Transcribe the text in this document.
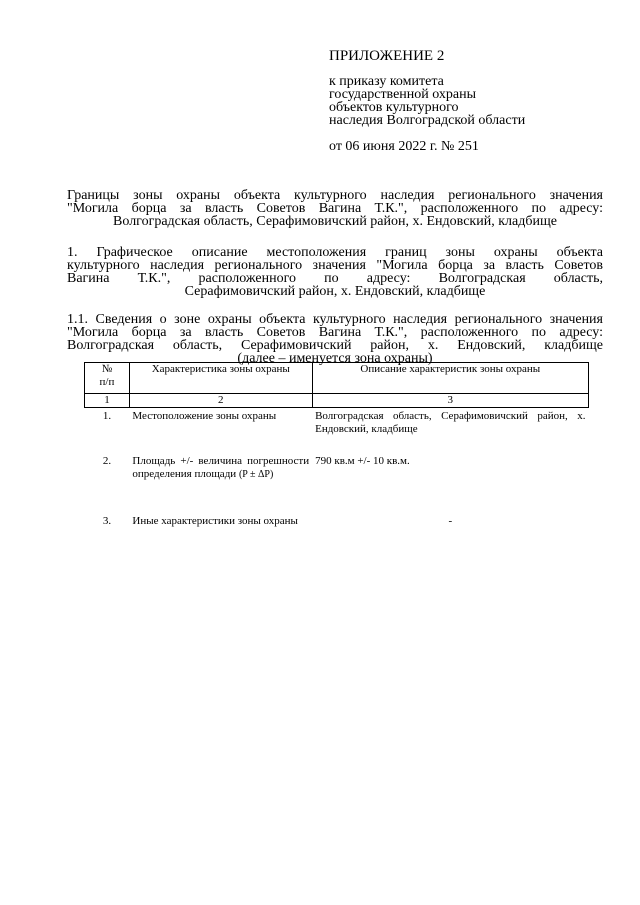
ПРИЛОЖЕНИЕ 2
к приказу комитета
государственной охраны
объектов культурного
наследия Волгоградской области
от 06 июня 2022 г. № 251
Границы зоны охраны объекта культурного наследия регионального значения
"Могила борца за власть Советов Вагина Т.К.", расположенного по адресу:
Волгоградская область, Серафимовичский район, х. Ендовский, кладбище
1. Графическое описание местоположения границ зоны охраны объекта
культурного наследия регионального значения "Могила борца за власть Советов
Вагина Т.К.", расположенного по адресу: Волгоградская область,
Серафимовичский район, х. Ендовский, кладбище
1.1. Сведения о зоне охраны объекта культурного наследия регионального значения
"Могила борца за власть Советов Вагина Т.К.", расположенного по адресу:
Волгоградская область, Серафимовичский район, х. Ендовский, кладбище
(далее – именуется зона охраны)
№
п/п	Характеристика зоны охраны	Описание характеристик зоны охраны
1	2	3
1.	Местоположение зоны охраны	Волгоградская область, Серафимовичский район, х. Ендовский, кладбище
2.	Площадь +/- величина погрешности определения площади (P ± ΔP)	790 кв.м +/- 10 кв.м.
3.	Иные характеристики зоны охраны	-
